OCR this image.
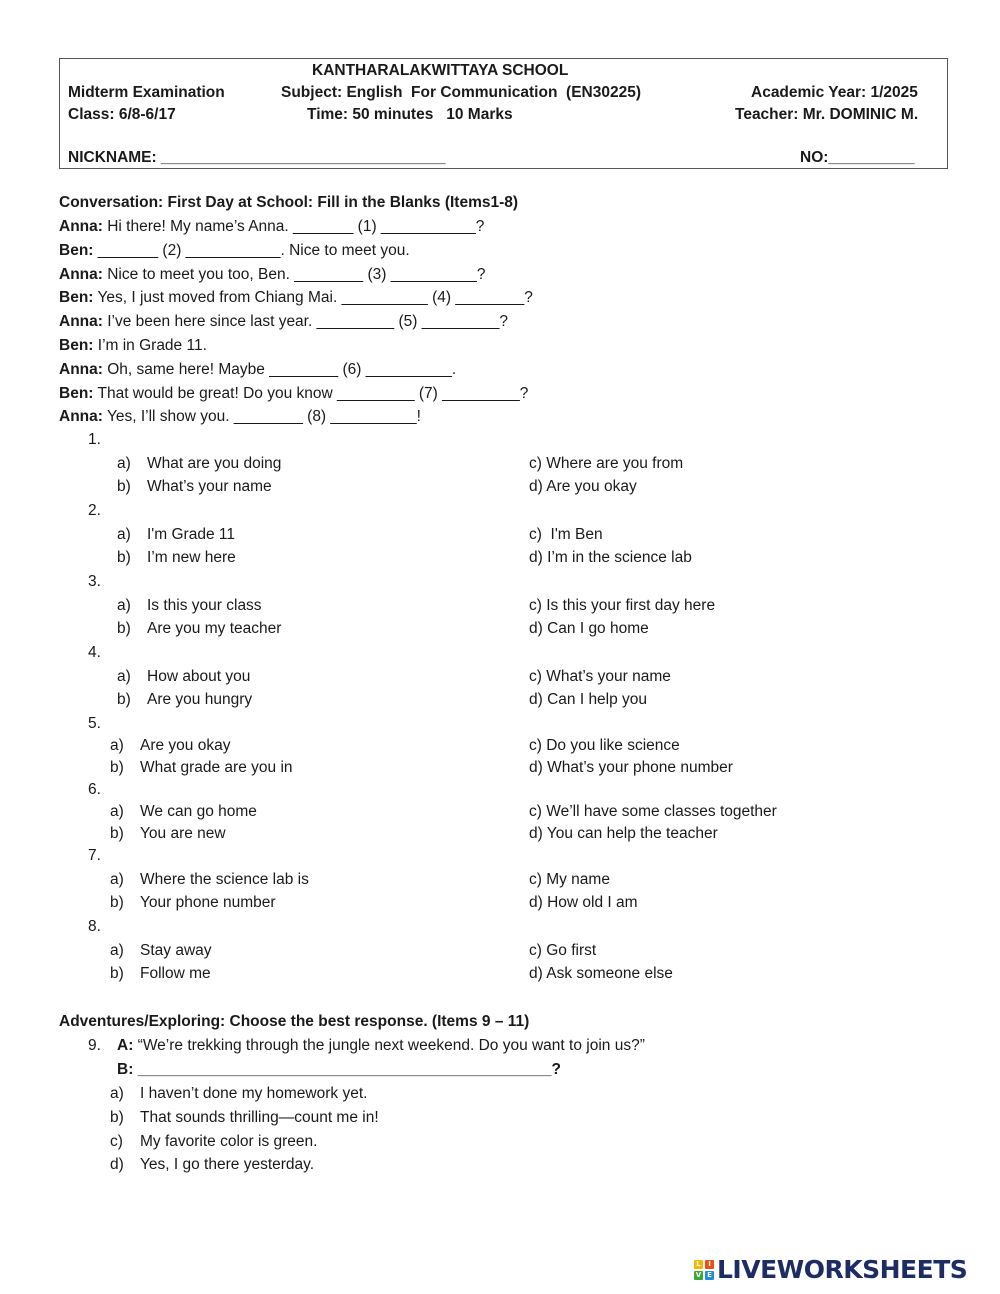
KANTHARALAKWITTAYA SCHOOL
Midterm Examination	Subject: English  For Communication  (EN30225)	Academic Year: 1/2025
Class: 6/8-6/17	Time: 50 minutes   10 Marks	Teacher: Mr. DOMINIC M.
NICKNAME: _________________________________	NO:__________
Conversation: First Day at School: Fill in the Blanks (Items1-8)
Anna: Hi there! My name’s Anna. _______ (1) ___________?
Ben: _______ (2) ___________. Nice to meet you.
Anna: Nice to meet you too, Ben. ________ (3) __________?
Ben: Yes, I just moved from Chiang Mai. __________ (4) ________?
Anna: I’ve been here since last year. _________ (5) _________?
Ben: I’m in Grade 11.
Anna: Oh, same here! Maybe ________ (6) __________.
Ben: That would be great! Do you know _________ (7) _________?
Anna: Yes, I’ll show you. ________ (8) __________!
1.
a) What are you doing	c) Where are you from
b) What’s your name	d) Are you okay
2.
a) I'm Grade 11	c)  I'm Ben
b) I’m new here	d) I’m in the science lab
3.
a) Is this your class	c) Is this your first day here
b) Are you my teacher	d) Can I go home
4.
a) How about you	c) What’s your name
b) Are you hungry	d) Can I help you
5.
a) Are you okay	c) Do you like science
b) What grade are you in	d) What’s your phone number
6.
a) We can go home	c) We’ll have some classes together
b) You are new	d) You can help the teacher
7.
a) Where the science lab is	c) My name
b) Your phone number	d) How old I am
8.
a) Stay away	c) Go first
b) Follow me	d) Ask someone else
Adventures/Exploring: Choose the best response. (Items 9 – 11)
9. A: “We’re trekking through the jungle next weekend. Do you want to join us?”
B: ________________________________________________?
a) I haven’t done my homework yet.
b) That sounds thrilling—count me in!
c) My favorite color is green.
d) Yes, I go there yesterday.
L	I
V E LIVEWORKSHEETS
